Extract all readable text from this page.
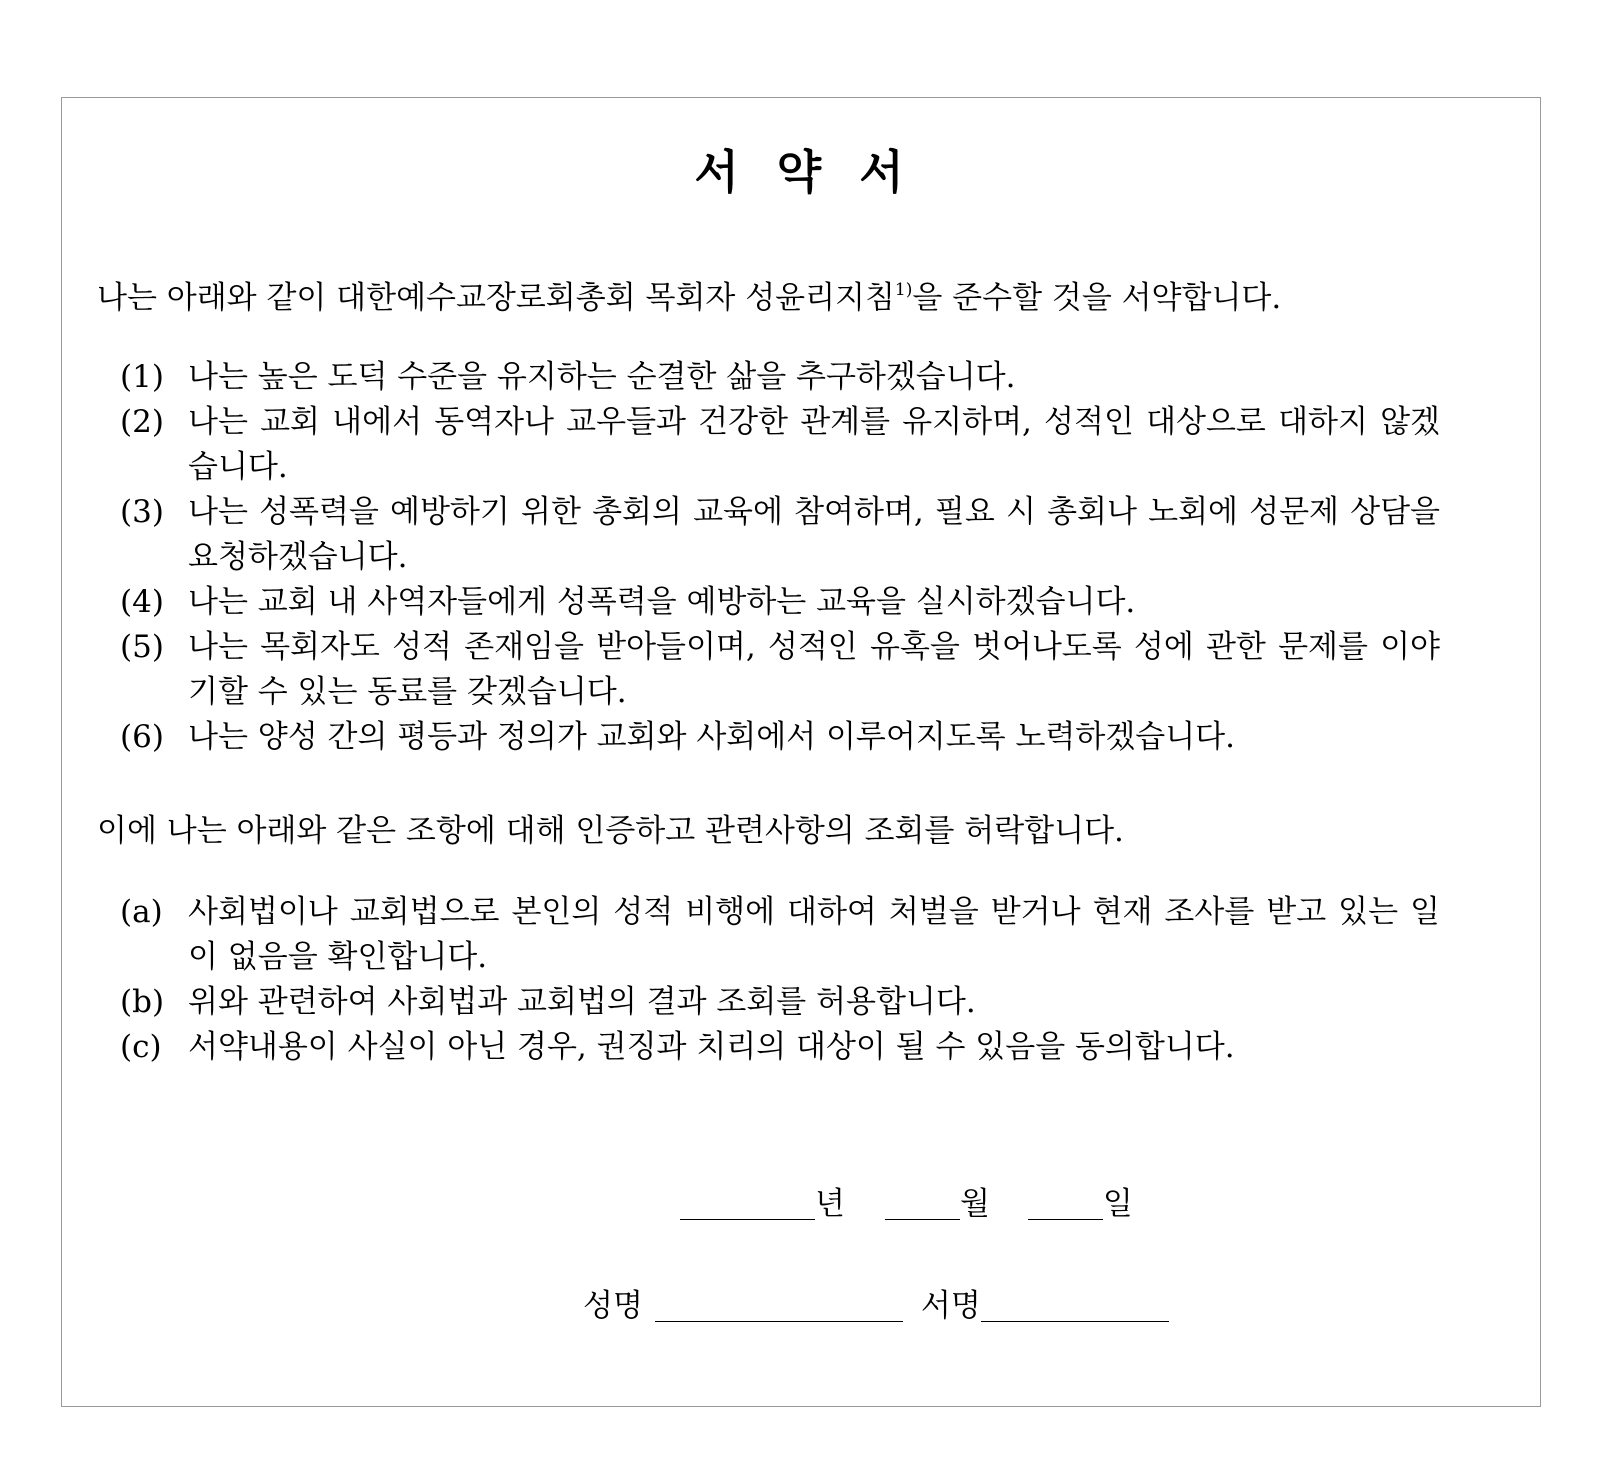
서 약 서
나는 아래와 같이 대한예수교장로회총회 목회자 성윤리지침$^{1)}$을 준수할 것을 서약합니다.
(1) 나는 높은 도덕 수준을 유지하는 순결한 삶을 추구하겠습니다.
(2) 나는 교회 내에서 동역자나 교우들과 건강한 관계를 유지하며, 성적인 대상으로 대하지 않겠습니다.
(3) 나는 성폭력을 예방하기 위한 총회의 교육에 참여하며, 필요 시 총회나 노회에 성문제 상담을 요청하겠습니다.
(4) 나는 교회 내 사역자들에게 성폭력을 예방하는 교육을 실시하겠습니다.
(5) 나는 목회자도 성적 존재임을 받아들이며, 성적인 유혹을 벗어나도록 성에 관한 문제를 이야기할 수 있는 동료를 갖겠습니다.
(6) 나는 양성 간의 평등과 정의가 교회와 사회에서 이루어지도록 노력하겠습니다.
이에 나는 아래와 같은 조항에 대해 인증하고 관련사항의 조회를 허락합니다.
(a) 사회법이나 교회법으로 본인의 성적 비행에 대하여 처벌을 받거나 현재 조사를 받고 있는 일이 없음을 확인합니다.
(b) 위와 관련하여 사회법과 교회법의 결과 조회를 허용합니다.
(c) 서약내용이 사실이 아닌 경우, 권징과 치리의 대상이 될 수 있음을 동의합니다.
년	월	일
성명	서명
